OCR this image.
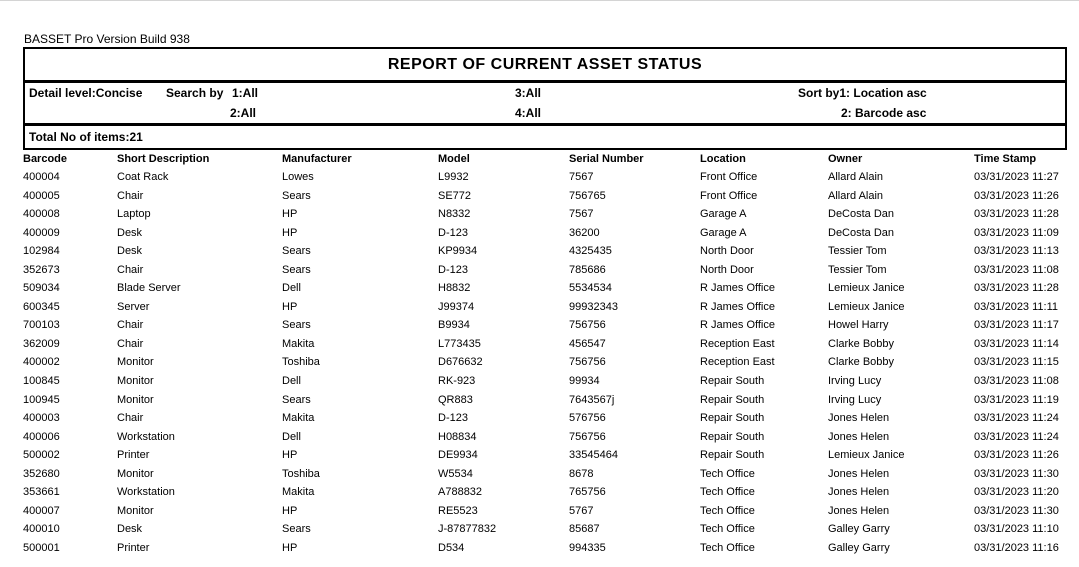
BASSET Pro Version Build 938
REPORT OF CURRENT ASSET STATUS
Detail level:Concise Search by 1:All
2:All
3:All
4:All
Sort by1: Location asc
2: Barcode asc
Total No of items:21
Barcode	Short Description	Manufacturer	Model	Serial Number	Location	Owner	Time Stamp
400004	Coat Rack	Lowes	L9932	7567	Front Office	Allard Alain	03/31/2023 11:27
400005	Chair	Sears	SE772	756765	Front Office	Allard Alain	03/31/2023 11:26
400008	Laptop	HP	N8332	7567	Garage A	DeCosta Dan	03/31/2023 11:28
400009	Desk	HP	D-123	36200	Garage A	DeCosta Dan	03/31/2023 11:09
102984	Desk	Sears	KP9934	4325435	North Door	Tessier Tom	03/31/2023 11:13
352673	Chair	Sears	D-123	785686	North Door	Tessier Tom	03/31/2023 11:08
509034	Blade Server	Dell	H8832	5534534	R James Office	Lemieux Janice	03/31/2023 11:28
600345	Server	HP	J99374	99932343	R James Office	Lemieux Janice	03/31/2023 11:11
700103	Chair	Sears	B9934	756756	R James Office	Howel Harry	03/31/2023 11:17
362009	Chair	Makita	L773435	456547	Reception East	Clarke Bobby	03/31/2023 11:14
400002	Monitor	Toshiba	D676632	756756	Reception East	Clarke Bobby	03/31/2023 11:15
100845	Monitor	Dell	RK-923	99934	Repair South	Irving Lucy	03/31/2023 11:08
100945	Monitor	Sears	QR883	7643567j	Repair South	Irving Lucy	03/31/2023 11:19
400003	Chair	Makita	D-123	576756	Repair South	Jones Helen	03/31/2023 11:24
400006	Workstation	Dell	H08834	756756	Repair South	Jones Helen	03/31/2023 11:24
500002	Printer	HP	DE9934	33545464	Repair South	Lemieux Janice	03/31/2023 11:26
352680	Monitor	Toshiba	W5534	8678	Tech Office	Jones Helen	03/31/2023 11:30
353661	Workstation	Makita	A788832	765756	Tech Office	Jones Helen	03/31/2023 11:20
400007	Monitor	HP	RE5523	5767	Tech Office	Jones Helen	03/31/2023 11:30
400010	Desk	Sears	J-87877832	85687	Tech Office	Galley Garry	03/31/2023 11:10
500001	Printer	HP	D534	994335	Tech Office	Galley Garry	03/31/2023 11:16
